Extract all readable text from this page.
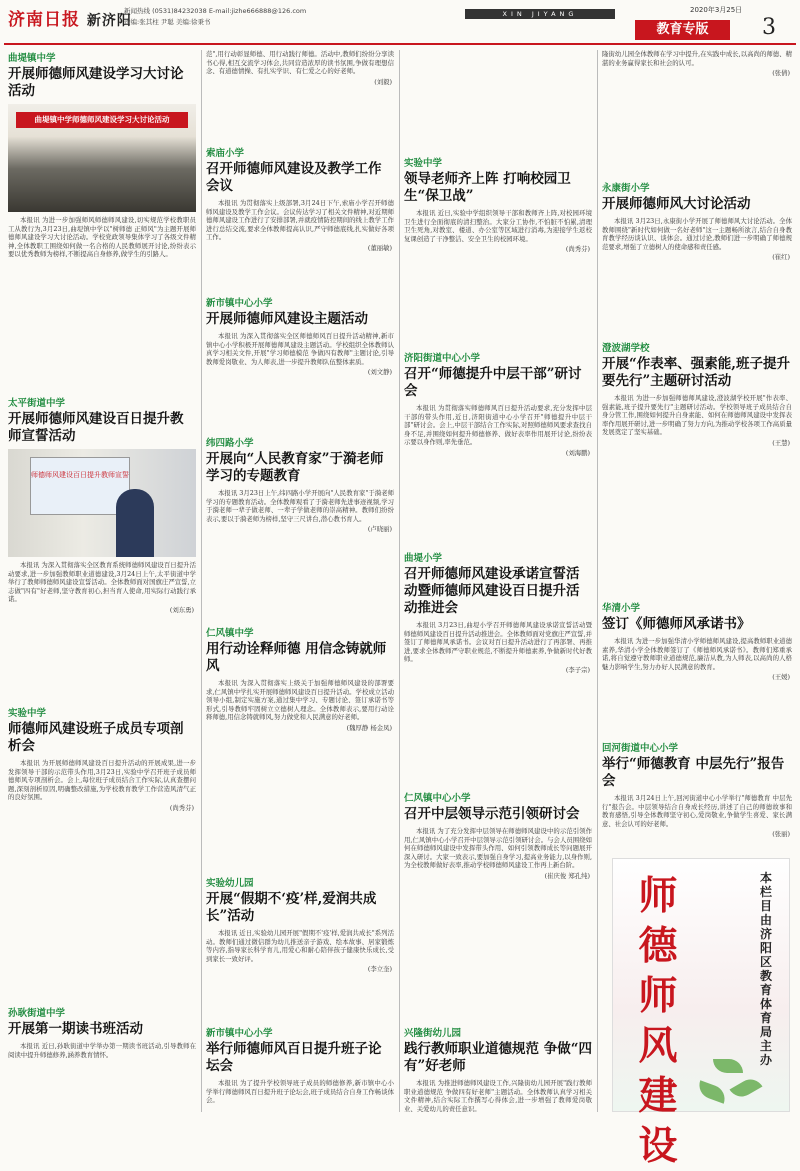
济南日报 新济阳
新闻热线 (0531)84232038 E-mail:jizhe666888@126.com
责编:张其柱 尹聪 美编:徐秉书
XIN JIYANG	2020年3月25日
教育专版	3
曲堤镇中学
开展师德师风建设学习大讨论活动
曲堤镇中学师德师风建设学习大讨论活动
本报讯 为进一步加强师风师德师风建设,切实规范学校教职员工从教行为,3月23日,曲堤镇中学以"树师德 正师风"为主题开展师德师风建设学习大讨论活动。学校党政领导集体学习了各级文件精神,全体教职工围绕如何做一名合格的人民教师展开讨论,纷纷表示要以优秀教师为榜样,不断提高自身修养,做学生的引路人。
太平街道中学
开展师德师风建设百日提升教师宣誓活动
师德师风建设百日提升教师宣誓
本报讯 为深入贯彻落实全区教育系统师德师风建设百日提升活动要求,进一步加强教师职业道德建设,3月24日上午,太平街道中学举行了教师师德师风建设宣誓活动。全体教师面对国旗庄严宣誓,立志做"四有"好老师,坚守教育初心,担当育人使命,用实际行动践行承诺。
(刘东勇)
实验中学
师德师风建设班子成员专项剖析会
本报讯 为开展师德师风建设百日提升活动的开展成果,进一步发挥领导干部的示范带头作用,3月23日,实验中学召开班子成员师德师风专项剖析会。会上,每位班子成员结合工作实际,认真查摆问题,深刻剖析原因,明确整改措施,为学校教育教学工作营造风清气正的良好氛围。
(尚秀芬)
孙耿街道中学
开展第一期读书班活动
本报讯 近日,孙耿街道中学举办第一期读书班活动,引导教师在阅读中提升师德修养,涵养教育情怀。
范",用行动彰显师德、用行动践行师德。活动中,教师们纷纷分享读书心得,相互交流学习体会,共同营造浓厚的读书氛围,争做有理想信念、有道德情操、有扎实学识、有仁爱之心的好老师。
(刘毅)
索庙小学
召开师德师风建设及教学工作会议
本报讯 为贯彻落实上级部署,3月24日下午,索庙小学召开师德师风建设及教学工作会议。会议传达学习了相关文件精神,对近期师德师风建设工作进行了安排部署,并就疫情防控期间的线上教学工作进行总结交流,要求全体教师提高认识,严守师德底线,扎实做好各项工作。
(董丽敏)
新市镇中心小学
开展师德师风建设主题活动
本报讯 为深入贯彻落实全区师德师风百日提升活动精神,新市镇中心小学积极开展师德师风建设主题活动。学校组织全体教师认真学习相关文件,开展"学习师德模范 争做四有教师"主题讨论,引导教师爱岗敬业、为人师表,进一步提升教师队伍整体素质。
(刘文静)
纬四路小学
开展向“人民教育家”于漪老师学习的专题教育
本报讯 3月23日上午,纬四路小学开展向"人民教育家"于漪老师学习的专题教育活动。全体教师观看了于漪老师先进事迹视频,学习于漪老师一辈子做老师、一辈子学做老师的崇高精神。教师们纷纷表示,要以于漪老师为榜样,坚守三尺讲台,潜心教书育人。
(卢晓丽)
仁风镇中学
用行动诠释师德 用信念铸就师风
本报讯 为深入贯彻落实上级关于加强师德师风建设的部署要求,仁风镇中学扎实开展师德师风建设百日提升活动。学校成立活动领导小组,制定实施方案,通过集中学习、专题讨论、签订承诺书等形式,引导教师牢固树立立德树人理念。全体教师表示,要用行动诠释师德,用信念铸就师风,努力做党和人民满意的好老师。
(魏厚静 杨金凤)
实验幼儿园
开展“假期不‘疫’样,爱润共成长”活动
本报讯 近日,实验幼儿园开展"假期不'疫'样,爱润共成长"系列活动。教师们通过微信群为幼儿推送亲子游戏、绘本故事、居家锻炼等内容,指导家长科学育儿,用爱心和耐心陪伴孩子健康快乐成长,受到家长一致好评。
(李立奎)
新市镇中心小学
举行师德师风百日提升班子论坛会
本报讯 为了提升学校领导班子成员的师德修养,新市镇中心小学举行师德师风百日提升班子论坛会,班子成员结合自身工作畅谈体会。
实验中学
领导老师齐上阵 打响校园卫生“保卫战”
本报讯 近日,实验中学组织领导干部和教师齐上阵,对校园环境卫生进行全面彻底的清扫整治。大家分工协作,不怕脏不怕累,清理卫生死角,对教室、楼道、办公室等区域进行消毒,为迎接学生返校复课创造了干净整洁、安全卫生的校园环境。
(尚秀芬)
济阳街道中心小学
召开“师德提升中层干部”研讨会
本报讯 为贯彻落实师德师风百日提升活动要求,充分发挥中层干部的带头作用,近日,济阳街道中心小学召开"师德提升中层干部"研讨会。会上,中层干部结合工作实际,对照师德师风要求查找自身不足,并围绕如何提升师德修养、做好表率作用展开讨论,纷纷表示要以身作则,率先垂范。
(刘海鹏)
曲堤小学
召开师德师风建设承诺宣誓活动暨师德师风建设百日提升活动推进会
本报讯 3月23日,曲堤小学召开师德师风建设承诺宣誓活动暨师德师风建设百日提升活动推进会。全体教师面对党旗庄严宣誓,并签订了师德师风承诺书。会议对百日提升活动进行了再部署、再推进,要求全体教师严守职业规范,不断提升师德素养,争做新时代好教师。
(李子宗)
仁风镇中心小学
召开中层领导示范引领研讨会
本报讯 为了充分发挥中层领导在师德师风建设中的示范引领作用,仁风镇中心小学召开中层领导示范引领研讨会。与会人员围绕如何在师德师风建设中发挥带头作用、如何引领教师成长等问题展开深入研讨。大家一致表示,要加强自身学习,提高业务能力,以身作则,为全校教师做好表率,推动学校师德师风建设工作再上新台阶。
(崔庆俊 郑孔纯)
兴隆街幼儿园
践行教师职业道德规范 争做“四有”好老师
本报讯 为推进师德师风建设工作,兴隆街幼儿园开展"践行教师职业道德规范 争做四有好老师"主题活动。全体教师认真学习相关文件精神,结合实际工作撰写心得体会,进一步增强了教师爱岗敬业、关爱幼儿的责任意识。
隆街幼儿园全体教师在学习中提升,在实践中成长,以高尚的师德、精湛的业务赢得家长和社会的认可。
(张倩)
永康街小学
开展师德师风大讨论活动
本报讯 3月23日,永康街小学开展了师德师风大讨论活动。全体教师围绕"新时代如何做一名好老师"这一主题畅所欲言,结合自身教育教学经历谈认识、谈体会。通过讨论,教师们进一步明确了师德规范要求,增强了立德树人的使命感和责任感。
(崔红)
澄波湖学校
开展“作表率、强素能,班子提升要先行”主题研讨活动
本报讯 为进一步加强师德师风建设,澄波湖学校开展"作表率、强素能,班子提升要先行"主题研讨活动。学校领导班子成员结合自身分管工作,围绕如何提升自身素能、如何在师德师风建设中发挥表率作用展开研讨,进一步明确了努力方向,为推动学校各项工作高质量发展奠定了坚实基础。
(王慧)
华清小学
签订《师德师风承诺书》
本报讯 为进一步加强华清小学师德师风建设,提高教师职业道德素养,华清小学全体教师签订了《师德师风承诺书》。教师们郑重承诺,将自觉遵守教师职业道德规范,廉洁从教,为人师表,以高尚的人格魅力影响学生,努力办好人民满意的教育。
(王媛)
回河街道中心小学
举行“师德教育 中层先行”报告会
本报讯 3月24日上午,回河街道中心小学举行"师德教育 中层先行"报告会。中层领导结合自身成长经历,讲述了自己的师德故事和教育感悟,引导全体教师坚守初心,爱岗敬业,争做学生喜爱、家长满意、社会认可的好老师。
(张丽)
师德师风建设
本栏目由济阳区教育体育局主办
